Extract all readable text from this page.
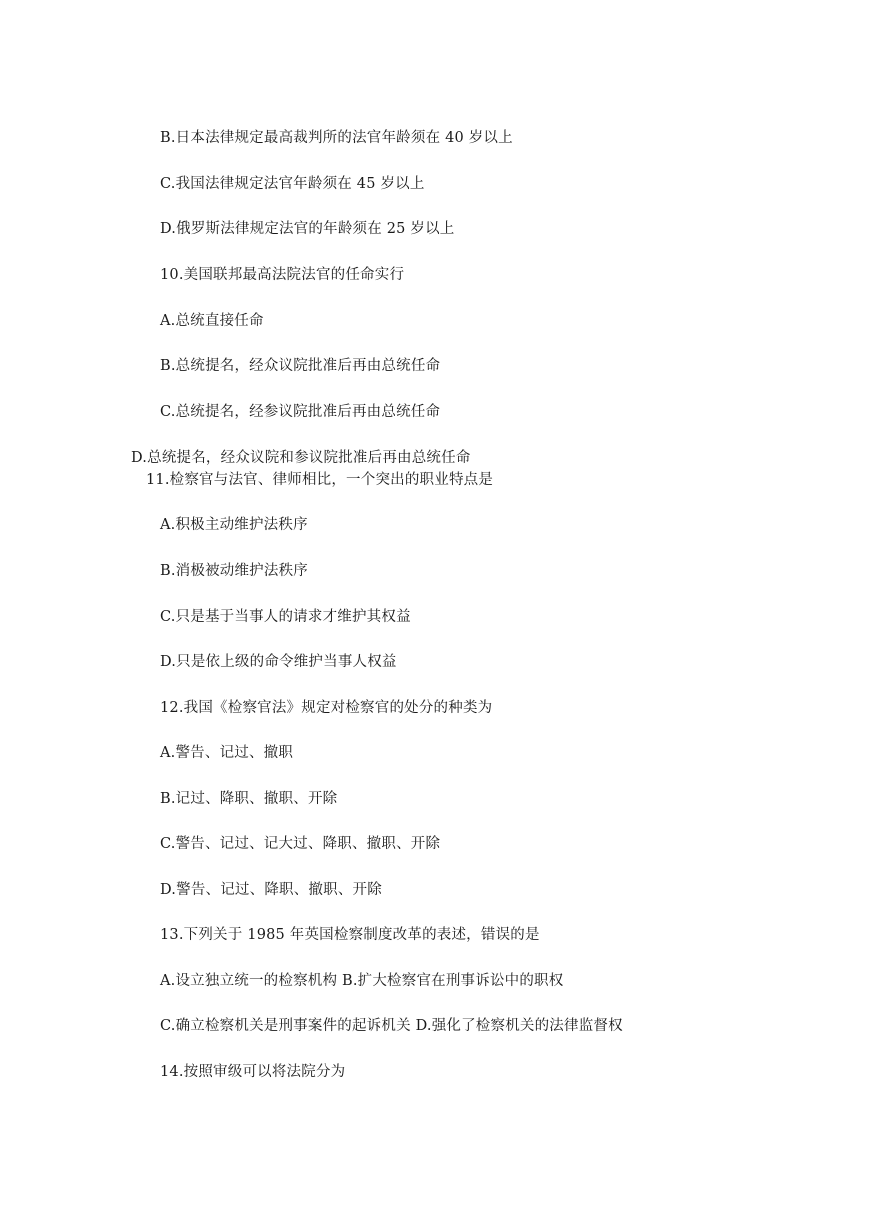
B.日本法律规定最高裁判所的法官年龄须在 40 岁以上
C.我国法律规定法官年龄须在 45 岁以上
D.俄罗斯法律规定法官的年龄须在 25 岁以上
10.美国联邦最高法院法官的任命实行
A.总统直接任命
B.总统提名，经众议院批准后再由总统任命
C.总统提名，经参议院批准后再由总统任命
D.总统提名，经众议院和参议院批准后再由总统任命
11.检察官与法官、律师相比，一个突出的职业特点是
A.积极主动维护法秩序
B.消极被动维护法秩序
C.只是基于当事人的请求才维护其权益
D.只是依上级的命令维护当事人权益
12.我国《检察官法》规定对检察官的处分的种类为
A.警告、记过、撤职
B.记过、降职、撤职、开除
C.警告、记过、记大过、降职、撤职、开除
D.警告、记过、降职、撤职、开除
13.下列关于 1985 年英国检察制度改革的表述，错误的是
A.设立独立统一的检察机构 B.扩大检察官在刑事诉讼中的职权
C.确立检察机关是刑事案件的起诉机关 D.强化了检察机关的法律监督权
14.按照审级可以将法院分为
